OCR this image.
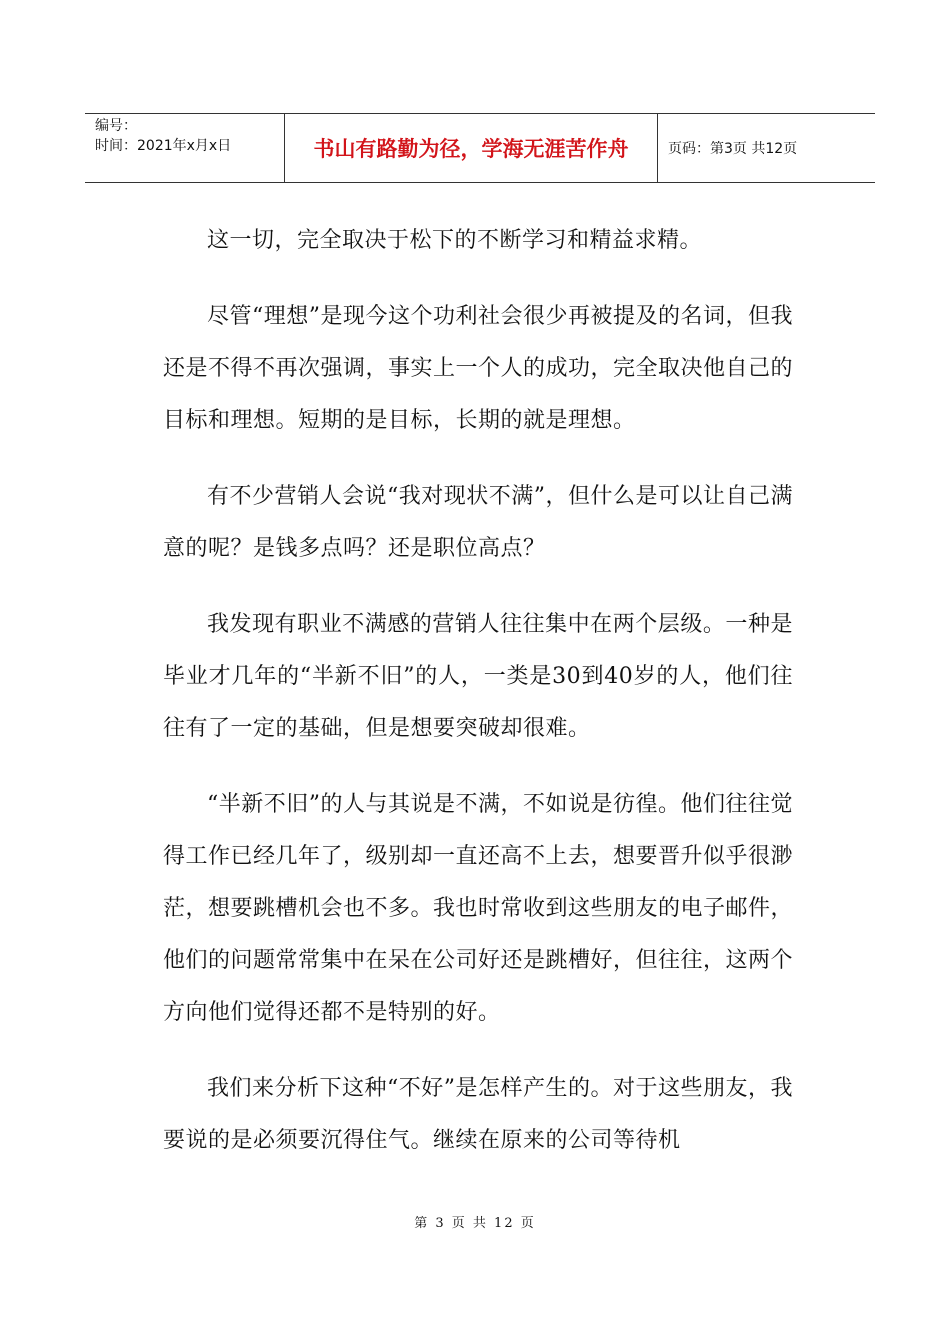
编号：
时间：2021年x月x日	书山有路勤为径，学海无涯苦作舟	页码：第3页 共12页

这一切，完全取决于松下的不断学习和精益求精。

尽管“理想”是现今这个功利社会很少再被提及的名词，但我还是不得不再次强调，事实上一个人的成功，完全取决他自己的目标和理想。短期的是目标，长期的就是理想。

有不少营销人会说“我对现状不满”，但什么是可以让自己满意的呢？是钱多点吗？还是职位高点？

我发现有职业不满感的营销人往往集中在两个层级。一种是毕业才几年的“半新不旧”的人，一类是30到40岁的人，他们往往有了一定的基础，但是想要突破却很难。

“半新不旧”的人与其说是不满，不如说是彷徨。他们往往觉得工作已经几年了，级别却一直还高不上去，想要晋升似乎很渺茫，想要跳槽机会也不多。我也时常收到这些朋友的电子邮件，他们的问题常常集中在呆在公司好还是跳槽好，但往往，这两个方向他们觉得还都不是特别的好。

我们来分析下这种“不好”是怎样产生的。对于这些朋友，我要说的是必须要沉得住气。继续在原来的公司等待机

第 3 页 共 12 页
